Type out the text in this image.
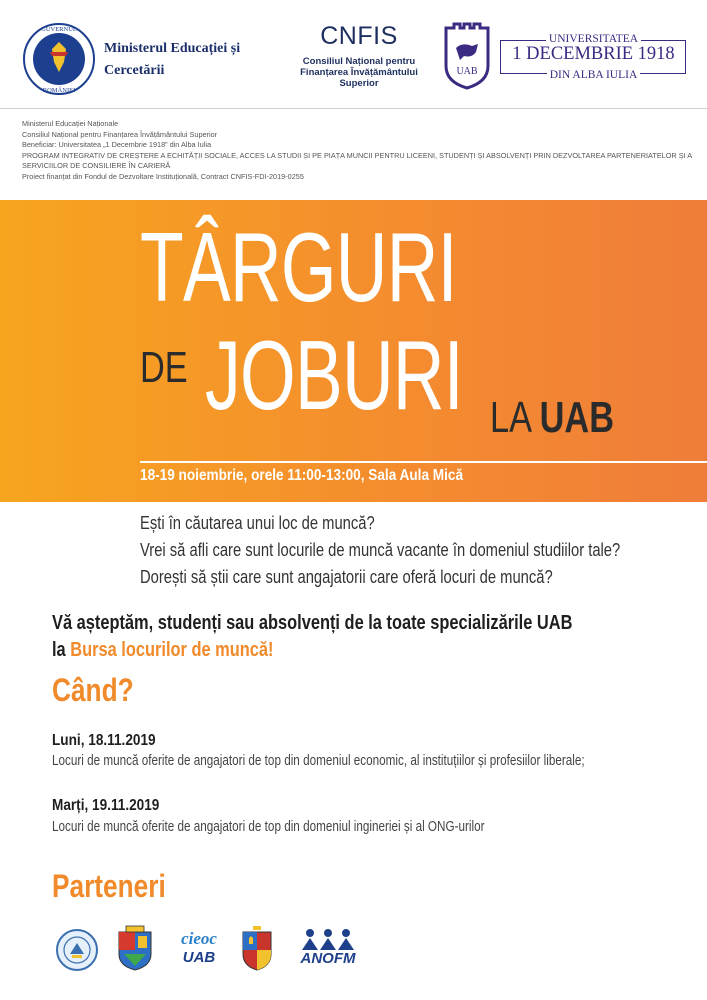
GUVERNUL
ROMÂNIEI
Ministerul Educației și
Cercetării
CNFIS
Consiliul Național pentru
Finanțarea Învățământului
Superior
UAB
UNIVERSITATEA
1 DECEMBRIE 1918
DIN ALBA IULIA
Ministerul Educației Naționale
Consiliul Național pentru Finanțarea Învățământului Superior
Beneficiar: Universitatea „1 Decembrie 1918” din Alba Iulia
PROGRAM INTEGRATIV DE CREȘTERE A ECHITĂȚII SOCIALE, ACCES LA STUDII ȘI PE PIAȚA MUNCII PENTRU LICEENI, STUDENȚI ȘI ABSOLVENȚI PRIN DEZVOLTAREA PARTENERIATELOR ȘI A SERVICIILOR DE CONSILIERE ÎN CARIERĂ
Proiect finanțat din Fondul de Dezvoltare Instituțională, Contract CNFIS-FDI-2019-0255
TÂRGURI
DE JOBURI LA UAB
18-19 noiembrie, orele 11:00-13:00, Sala Aula Mică
Ești în căutarea unui loc de muncă?
Vrei să afli care sunt locurile de muncă vacante în domeniul studiilor tale?
Dorești să știi care sunt angajatorii care oferă locuri de muncă?
Vă așteptăm, studenți sau absolvenți de la toate specializările UAB
la Bursa locurilor de muncă!
Când?
Luni, 18.11.2019
Locuri de muncă oferite de angajatori de top din domeniul economic, al instituțiilor și profesiilor liberale;
Marți, 19.11.2019
Locuri de muncă oferite de angajatori de top din domeniul ingineriei și al ONG-urilor
Parteneri
cieoc
UAB	ANOFM
